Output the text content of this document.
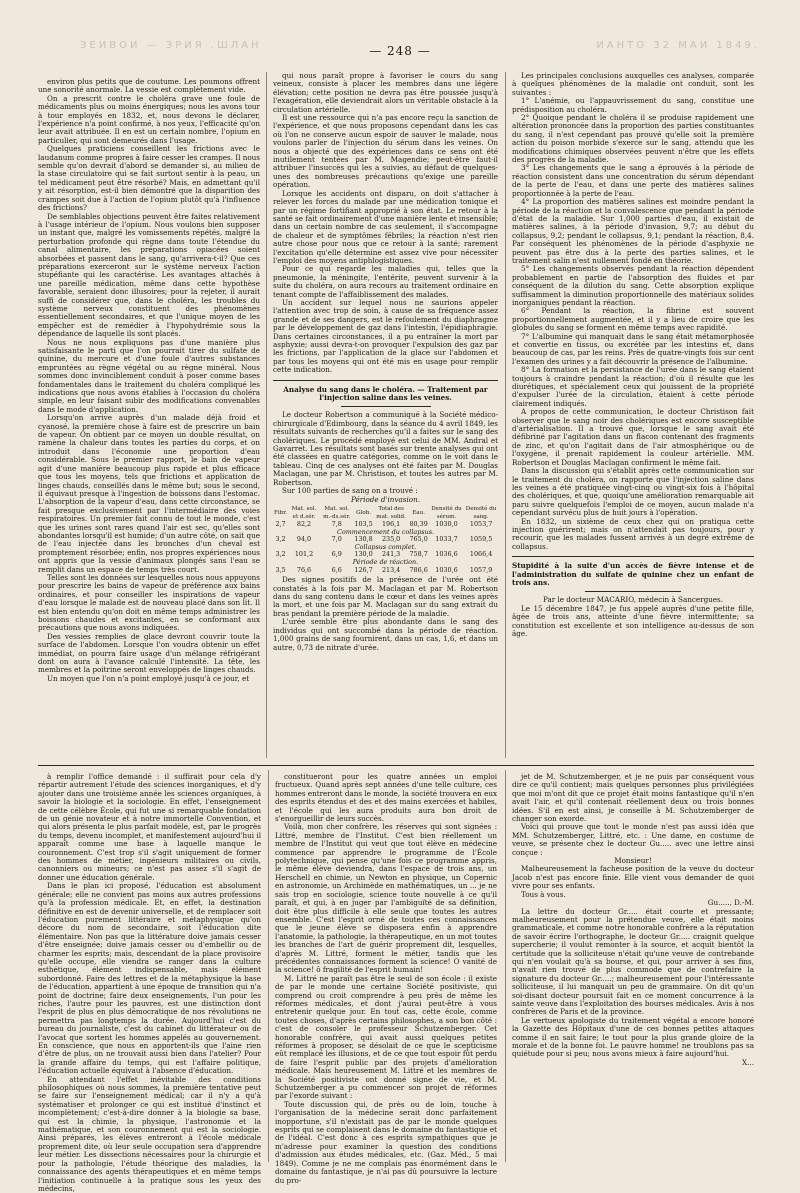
ЗЕИВОИ — ЗРИЯ .ШЛАН	ИАНТО 32 МАИ 1849.
— 248 —

environ plus petits que de coutume. Les poumons offrent une sonorité anormale. La vessie est complètement vide.

On a prescrit contre le choléra grave une foule de médicaments plus ou moins énergiques; nous les avons tour à tour employés en 1832, et, nous devons le déclarer, l'expérience n'a point confirmé, à nos yeux, l'efficacité qu'on leur avait attribuée. Il en est un certain nombre, l'opium en particulier, qui sont demeurés dans l'usage.

Quelques praticiens conseillent les frictions avec le laudanum comme propres à faire cesser les crampes. Il nous semble qu'on devrait d'abord se demander si, au milieu de la stase circulatoire qui se fait surtout sentir à la peau, un tel médicament peut être résorbé? Mais, en admettant qu'il y ait résorption, est-il bien démontré que la disparition des crampes soit due à l'action de l'opium plutôt qu'à l'influence des frictions?

De semblables objections peuvent être faites relativement à l'usage intérieur de l'opium. Nous voulons bien supposer un instant que, malgré les vomissements répétés, malgré la perturbation profonde qui règne dans toute l'étendue du canal alimentaire, les préparations opiacées soient absorbées et passent dans le sang, qu'arrivera-t-il? Que ces préparations exerceront sur le système nerveux l'action stupéfiante qui les caractérise. Les avantages attachés à une pareille médication, même dans cette hypothèse favorable, seraient donc illusoires; pour la rejeter, il aurait suffi de considérer que, dans le choléra, les troubles du système nerveux constituent des phénomènes essentiellement secondaires, et que l'unique moyen de les empêcher est de remédier à l'hypohydrémie sous la dépendance de laquelle ils sont placés.

Nous ne nous expliquons pas d'une manière plus satisfaisante le parti que l'on pourrait tirer du sulfate de quinine, du mercure et d'une foule d'autres substances empruntées au règne végétal ou au règne minéral. Nous sommes donc invinciblement conduit à poser comme bases fondamentales dans le traitement du choléra compliqué les indications que nous avons établies à l'occasion du choléra simple, en leur faisant subir des modifications convenables dans le mode d'application.

Lorsqu'on arrive auprès d'un malade déjà froid et cyanosé, la première chose à faire est de prescrire un bain de vapeur. On obtient par ce moyen un double résultat, on ramène la chaleur dans toutes les parties du corps, et on introduit dans l'économie une proportion d'eau considérable. Sous le premier rapport, le bain de vapeur agit d'une manière beaucoup plus rapide et plus efficace que tous les moyens, tels que frictions et application de linges chauds, conseillés dans le même but; sous le second, il équivaut presque à l'ingestion de boissons dans l'estomac. L'absorption de la vapeur d'eau, dans cette circonstance, se fait presque exclusivement par l'intermédiaire des voies respiratoires. Un premier fait connu de tout le monde, c'est que les urines sont rares quand l'air est sec, qu'elles sont abondantes lorsqu'il est humide; d'un autre côté, on sait que de l'eau injectée dans les bronches d'un cheval est promptement résorbée; enfin, nos propres expériences nous ont appris que la vessie d'animaux plongés sans l'eau se remplit dans un espace de temps très court.

Telles sont les données sur lesquelles nous nous appuyons pour prescrire les bains de vapeur de préférence aux bains ordinaires, et pour conseiller les inspirations de vapeur d'eau lorsque le malade est de nouveau placé dans son lit. Il est bien entendu qu'on doit en même temps administrer les boissons chaudes et excitantes, en se conformant aux précautions que nous avons indiquées.

Des vessies remplies de glace devront couvrir toute la surface de l'abdomen. Lorsque l'on voudra obtenir un effet immédiat, on pourra faire usage d'un mélange réfrigérant dont on aura à l'avance calculé l'intensité. La tête, les membres et la poitrine seront enveloppés de linges chauds.

Un moyen que l'on n'a point employé jusqu'à ce jour, et

qui nous paraît propre à favoriser le cours du sang veineux, consiste à placer les membres dans une légère élévation; cette position ne devra pas être poussée jusqu'à l'exagération, elle deviendrait alors un véritable obstacle à la circulation artérielle.

Il est une ressource qui n'a pas encore reçu la sanction de l'expérience, et que nous proposons cependant dans les cas où l'on ne conserve aucun espoir de sauver le malade, nous voulons parler de l'injection du sérum dans les veines. On nous a objecté que des expériences dans ce sens ont été inutilement tentées par M. Magendie; peut-être faut-il attribuer l'insuccès qui les a suivies, au défaut de quelques-unes des nombreuses précautions qu'exige une pareille opération.

Lorsque les accidents ont disparu, on doit s'attacher à relever les forces du malade par une médication tonique et par un régime fortifiant approprié à son état. Le retour à la santé se fait ordinairement d'une manière lente et insensible; dans un certain nombre de cas seulement, il s'accompagne de chaleur et de symptômes fébriles; la réaction n'est rien autre chose pour nous que ce retour à la santé; rarement l'excitation qu'elle détermine est assez vive pour nécessiter l'emploi des moyens antiphlogistiques.

Pour ce qui regarde les maladies qui, telles que la pneumonie, la méningite, l'entérite, peuvent survenir à la suite du choléra, on aura recours au traitement ordinaire en tenant compte de l'affaiblissement des malades.

Un accident sur lequel nous ne saurions appeler l'attention avec trop de soin, à cause de sa fréquence assez grande et de ses dangers, est le refoulement du diaphragme par le développement de gaz dans l'intestin, l'épidiaphragie. Dans certaines circonstances, il a pu entraîner la mort par asphyxie; aussi devra-t-on provoquer l'expulsion des gaz par les frictions, par l'application de la glace sur l'abdomen et par tous les moyens qui ont été mis en usage pour remplir cette indication.

Analyse du sang dans le choléra. — Traitement par l'injection saline dans les veines.

Le docteur Robertson a communiqué à la Société médico-chirurgicale d'Edimbourg, dans la séance du 4 avril 1849, les résultats suivants de recherches qu'il a faites sur le sang des cholériques. Le procédé employé est celui de MM. Andral et Gavarret. Les résultats sont basés sur trente analyses qui ont été classées en quatre catégories, comme on le voit dans le tableau. Cinq de ces analyses ont été faites par M. Douglas Maclagan, une par M. Christison, et toutes les autres par M. Robertson.

Sur 100 parties de sang on a trouvé :

Période d'invasion.

Fibr.	Mat. sol. et d.sér.	Mat. sol. m.-ds.sér.	Glob.	Total des mat. solid.	Eau.	Densité du sérum.	Densité du sang.
2,7	82,2	7,8	103,5	196,1	80,39	1030,0	1053,7
Commencement du collapsus.							
3,2	94,0	7,0	130,8	235,0	765,0	1033,7	1059,5
Collapsus complet.							
3,2	101,2	6,9	130,0	241,3	758,7	1036,6	1066,4
Période de réaction.							
3,5	76,6	6,6	126,7	213,4	786,6	1030,6	1057,9

Des signes positifs de la présence de l'urée ont été constatés à la fois par M. Maclagan et par M. Robertson dans du sang contenu dans le cœur et dans les veines après la mort, et une fois par M. Maclagan sur du sang extrait du bras pendant la première période de la maladie.

L'urée semble être plus abondante dans le sang des individus qui ont succombé dans la période de réaction. 1,000 grains de sang fournirent, dans un cas, 1,6, et dans un autre, 0,73 de nitrate d'urée.

Les principales conclusions auxquelles ces analyses, comparée à quelques phénomènes de la maladie ont conduit, sont les suivantes :

1° L'anémie, ou l'appauvrissement du sang, constitue une prédisposition au choléra.

2° Quoique pendant le choléra il se produise rapidement une altération prononcée dans la proportion des parties constituantes du sang, il n'est cependant pas prouvé qu'elle soit la première action du poison morbide s'exerce sur le sang, attendu que les modifications chimiques observées peuvent n'être que les effets des progrès de la maladie.

3° Les changements que le sang a éprouvés à la période de réaction consistent dans une concentration du sérum dépendant de la perte de l'eau, et dans une perte des matières salines proportionnée à la perte de l'eau.

4° La proportion des matières salines est moindre pendant la période de la réaction et la convalescence que pendant la période d'état de la maladie. Sur 1,000 parties d'eau, il existait de matières salines, à la période d'invasion, 9,7; au début du collapsus, 9,2; pendant le collapsus, 9,1; pendant la réaction, 8,4. Par conséquent les phénomènes de la période d'asphyxie ne peuvent pas être dus à la perte des parties salines, et le traitement salin n'est nullement fondé en théorie.

5° Les changements observés pendant la réaction dépendent probablement en partie de l'absorption des fluides et par conséquent de la dilution du sang. Cette absorption explique suffisamment la diminution proportionnelle des matériaux solides inorganiques pendant la réaction.

6° Pendant la réaction, la fibrine est souvent proportionnellement augmentée, et il y a lieu de croire que les globules du sang se forment en même temps avec rapidité.

7° L'albumine qui manquait dans le sang était métamorphosée et convertie en tissus, ou excrétée par les intestins et, dans beaucoup de cas, par les reins. Près de quatre-vingts fois sur cent l'examen des urines y a fait découvrir la présence de l'albumine.

8° La formation et la persistance de l'urée dans le sang étaient toujours à craindre pendant la réaction; d'où il résulte que les diurétiques, et spécialement ceux qui jouissent de la propriété d'expulser l'urée de la circulation, étaient à cette période clairement indiqués.

A propos de cette communication, le docteur Christison fait observer que le sang noir des cholériques est encore susceptible d'artérialisation. Il a trouvé que, lorsque le sang avait été défibriné par l'agitation dans un flacon contenant des fragments de zinc, et qu'on l'agitait dans de l'air atmosphérique ou de l'oxygène, il prenait rapidement la couleur artérielle. MM. Robertson et Douglas Maclagan confirment le même fait.

Dans la discussion qui s'établit après cette communication sur le traitement du choléra, on rapporte que l'injection saline dans les veines a été pratiquée vingt-cinq ou vingt-six fois à l'hôpital des cholériques, et que, quoiqu'une amélioration remarquable ait paru suivre quelquefois l'emploi de ce moyen, aucun malade n'a cependant survécu plus de huit jours à l'opération.

En 1832, un sixième de ceux chez qui on pratiqua cette injection guérirent; mais on n'attendait pas toujours, pour y recourir, que les malades fussent arrivés à un degré extrême de collapsus.

Stupidité à la suite d'un accès de fièvre intense et de l'administration du sulfate de quinine chez un enfant de trois ans.

Par le docteur MACARIO, médecin à Sancergues.

Le 15 décembre 1847, je fus appelé auprès d'une petite fille, âgée de trois ans, atteinte d'une fièvre intermittente; sa constitution est excellente et son intelligence au-dessus de son âge.

à remplir l'office demandé : il suffirait pour cela d'y répartir autrement l'étude des sciences inorganiques, et d'y ajouter dans une troisième année les sciences organiques, à savoir la biologie et la sociologie. En effet, l'enseignement de cette célèbre École, qui fut une si remarquable fondation de un génie novateur et à notre immortelle Convention, et qui alors présenta le plus parfait modèle, est, par le progrès du temps, devenu incomplet, et manifestement aujourd'hui il apparaît comme une base à laquelle manque le couronnement. C'est trop s'il s'agit uniquement de former des hommes de métier, ingénieurs militaires ou civils, canonniers ou mineurs; ce n'est pas assez s'il s'agit de donner une éducation générale.

Dans le plan ici proposé, l'éducation est absolument générale; elle ne convient pas moins aux autres professions qu'à la profession médicale. Et, en effet, la destination définitive en est de devenir universelle, et de remplacer soit l'éducation purement littéraire et métaphysique qu'on décore du nom de secondaire, soit l'éducation dite élémentaire. Non pas que la littérature doive jamais cesser d'être enseignée; doive jamais cesser ou d'embellir ou de charmer les esprits; mais, descendant de la place provisoire qu'elle occupe, elle viendra se ranger dans la culture esthétique, élément indispensable, mais élément subordonné. Faire des lettres et de la métaphysique la base de l'éducation, appartient à une époque de transition qui n'a point de doctrine; faire deux enseignements, l'un pour les riches, l'autre pour les pauvres, est une distinction dont l'esprit de plus en plus démocratique de nos révolutions ne permettra pas longtemps la durée. Aujourd'hui c'est du bureau du journaliste, c'est du cabinet du littérateur ou de l'avocat que sortent les hommes appelés au gouvernement. En conscience, que nous en apportent-ils que l'aine rien d'être de plus, on ne trouvait aussi bien dans l'atelier? Pour la grande affaire du temps, qui est l'affaire politique, l'éducation actuelle équivaut à l'absence d'éducation.

En attendant l'effet inévitable des conditions philosophiques où nous sommes, la première tentative peut se faire sur l'enseignement médical; car il n'y a qu'à systématiser et prolonger ce qui est institué d'instinct et incomplètement; c'est-à-dire donner à la biologie sa base, qui est la chimie, la physique, l'astronomie et la mathématique, et son couronnement qui est la sociologie. Ainsi préparés, les élèves entreront à l'école médicale proprement dite, où leur seule occupation sera d'apprendre leur métier. Les dissections nécessaires pour la chirurgie et pour la pathologie, l'étude théorique des maladies, la connaissance des agents thérapeutiques et en même temps l'initiation continuelle à la pratique sous les yeux des médecins,

constitueront pour les quatre années un emploi fructueux. Quand après sept années d'une telle culture, ces hommes entreront dans le monde, la société trouvera en eux des esprits étendus et des et des mains exercées et habiles, et l'école qui les aura produits aura bon droit de s'enorgueillir de leurs succès.

Voilà, mon cher confrère, les réserves qui sont signées : Littré, membre de l'Institut. C'est bien réellement un membre de l'Institut qui veut que tout élève en médecine commence par apprendre le programme de l'École polytechnique, qui pense qu'une fois ce programme appris, le même élève deviendra, dans l'espace de trois ans, un Herschell en chimie, un Newton en physique, un Copernic en astronomie, un Archimède en mathématiques, un ... je ne sais trop en sociologie, science toute nouvelle à ce qu'il paraît, et qui, à en juger par l'ambiguïté de sa définition, doit être plus difficile à elle seule que toutes les autres ensemble. C'est l'esprit orné de toutes ces connaissances que le jeune élève se disposera enfin à apprendre l'anatomie, la pathologie, la thérapeutique, en un mot toutes les branches de l'art de guérir proprement dit, lesquelles, d'après M. Littré, forment le métier, tandis que les précédentes connaissances forment la science! O vanité de la science! ô fragilité de l'esprit humain!

M. Littré ne paraît pas être le seul de son école : il existe de par le monde une certaine Société positiviste, qui comprend ou croit comprendre à peu près de même les réformes médicales, et dont j'aurai peut-être à vous entretenir quelque jour. En tout cas, cette école, comme toutes choses, d'après certains philosophes, a son bon côté : c'est de consoler le professeur Schutzemberger. Cet honorable confrère, qui avait aussi quelques petites réformes à proposer, se désolait de ce que le scepticisme eût remplacé les illusions, et de ce que tout espoir fût perdu de faire l'esprit public par des projets d'amélioration médicale. Mais heureusement M. Littré et les membres de la Société positiviste ont donné signe de vie, et M. Schutzemberger a pu commencer son projet de réformes par l'exorde suivant :

Toute discussion qui, de près ou de loin, touche à l'organisation de la médecine serait donc parfaitement inopportune, s'il n'existait pas de par le monde quelques esprits qui se complaisent dans le domaine du fantastique et de l'idéal. C'est donc à ces esprits sympathiques que je m'adresse pour examiner la question des conditions d'admission aux études médicales, etc. (Gaz. Méd., 5 mai 1849). Comme je ne me complais pas énormément dans le domaine du fantastique, je n'ai pas dû poursuivre la lecture du pro-

jet de M. Schutzemberger, et je ne puis par conséquent vous dire ce qu'il contient; mais quelques personnes plus privilégiées que moi m'ont dit que ce projet était moins fantastique qu'il n'en avait l'air, et qu'il contenait réellement deux ou trois bonnes idées. S'il en est ainsi, je conseille à M. Schutzemberger de changer son exorde.

Voici qui prouve que tout le monde n'est pas aussi idéa que MM. Schutzemberger, Littré, etc. : Une dame, en costume de veuve, se présente chez le docteur Gu..... avec une lettre ainsi conçue :

Monsieur!

Malheureusement la facheuse position de la veuve du docteur Jacob n'est pas encore finie. Elle vient vous demander de quoi vivre pour ses enfants.

Tous à vous.

Gu....., D.-M.

La lettre du docteur Gr..... était courte et pressante; malheureusement pour la prétendue veuve, elle était moins grammaticale, et comme notre honorable confrère a la réputation de savoir écrire l'orthographe, le docteur Gr..... craignit quelque supercherie; il voulut remonter à la source, et acquit bientôt la certitude que la solliciteuse n'était qu'une veuve de contrebande qui n'en voulait qu'à sa bourse, et qui, pour arriver à ses fins, n'avait rien trouvé de plus commode que de contrefaire la signature du docteur Gr.....; malheureusement pour l'intéressante solliciteuse, il lui manquait un peu de grammaire. On dit qu'un soi-disant docteur poursuit fait en ce moment concurrence à la sainte veuve dans l'exploitation des bourses médicales. Avis à nos confrères de Paris et de la province.

Le vertueux apologiste du traitement végétal a encore honoré la Gazette des Hôpitaux d'une de ces bonnes petites attaques comme il en sait faire; le tout pour la plus grande gloire de la morale et de la bonne foi. Le pauvre homme! ne troublons pas sa quiétude pour si peu; nous avons mieux à faire aujourd'hui.

X...
